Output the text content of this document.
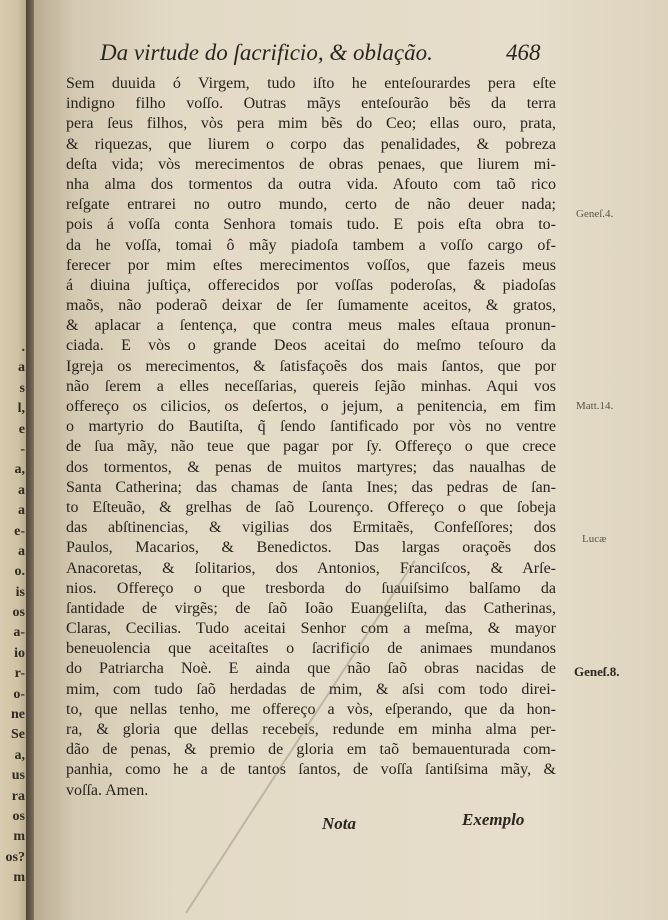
.
a
s
l,
e
-
a,
a
a
e-
a
o.
is
os
a-
io
r-
o-
ne
Se
a,
us
ra
os
m
os?
m
Da virtude do ſacrificio, & oblação.	468
Sem duuida ó Virgem, tudo iſto he enteſourardes pera eſte
indigno filho voſſo. Outras mãys enteſourão bẽs da terra
pera ſeus filhos, vòs pera mim bẽs do Ceo; ellas ouro, prata,
& riquezas, que liurem o corpo das penalidades, & pobreza
deſta vida; vòs merecimentos de obras penaes, que liurem mi-
nha alma dos tormentos da outra vida. Afouto com taõ rico
reſgate entrarei no outro mundo, certo de não deuer nada;
pois á voſſa conta Senhora tomais tudo. E pois eſta obra to-
da he voſſa, tomai ô mãy piadoſa tambem a voſſo cargo of-
ferecer por mim eſtes merecimentos voſſos, que fazeis meus
á diuina juſtiça, offerecidos por voſſas poderoſas, & piadoſas
maõs, não poderaõ deixar de ſer ſumamente aceitos, & gratos,
& aplacar a ſentença, que contra meus males eſtaua pronun-
ciada. E vòs o grande Deos aceitai do meſmo teſouro da
Igreja os merecimentos, & ſatisfaçoẽs dos mais ſantos, que por
não ſerem a elles neceſſarias, quereis ſejão minhas. Aqui vos
offereço os cilicios, os deſertos, o jejum, a penitencia, em fim
o martyrio do Bautiſta, q̃ ſendo ſantificado por vòs no ventre
de ſua mãy, não teue que pagar por ſy. Offereço o que crece
dos tormentos, & penas de muitos martyres; das naualhas de
Santa Catherina; das chamas de ſanta Ines; das pedras de ſan-
to Eſteuão, & grelhas de ſaõ Lourenço. Offereço o que ſobeja
das abſtinencias, & vigilias dos Ermitaẽs, Confeſſores; dos
Paulos, Macarios, & Benedictos. Das largas oraçoẽs dos
Anacoretas, & ſolitarios, dos Antonios, Franciſcos, & Arſe-
nios. Offereço o que tresborda do ſuauiſsimo balſamo da
ſantidade de virgẽs; de ſaõ Ioão Euangeliſta, das Catherinas,
Claras, Cecilias. Tudo aceitai Senhor com a meſma, & mayor
beneuolencia que aceitaſtes o ſacrificio de animaes mundanos
do Patriarcha Noè. E ainda que não ſaõ obras nacidas de
mim, com tudo ſaõ herdadas de mim, & aſsi com todo direi-
to, que nellas tenho, me offereço a vòs, eſperando, que da hon-
ra, & gloria que dellas recebeis, redunde em minha alma per-
dão de penas, & premio de gloria em taõ bemauenturada com-
panhia, como he a de tantos ſantos, de voſſa ſantiſsima mãy, &
voſſa. Amen.
Geneſ.4.
Matt.14.
Lucæ
Geneſ.8.
Nota	Exemplo
